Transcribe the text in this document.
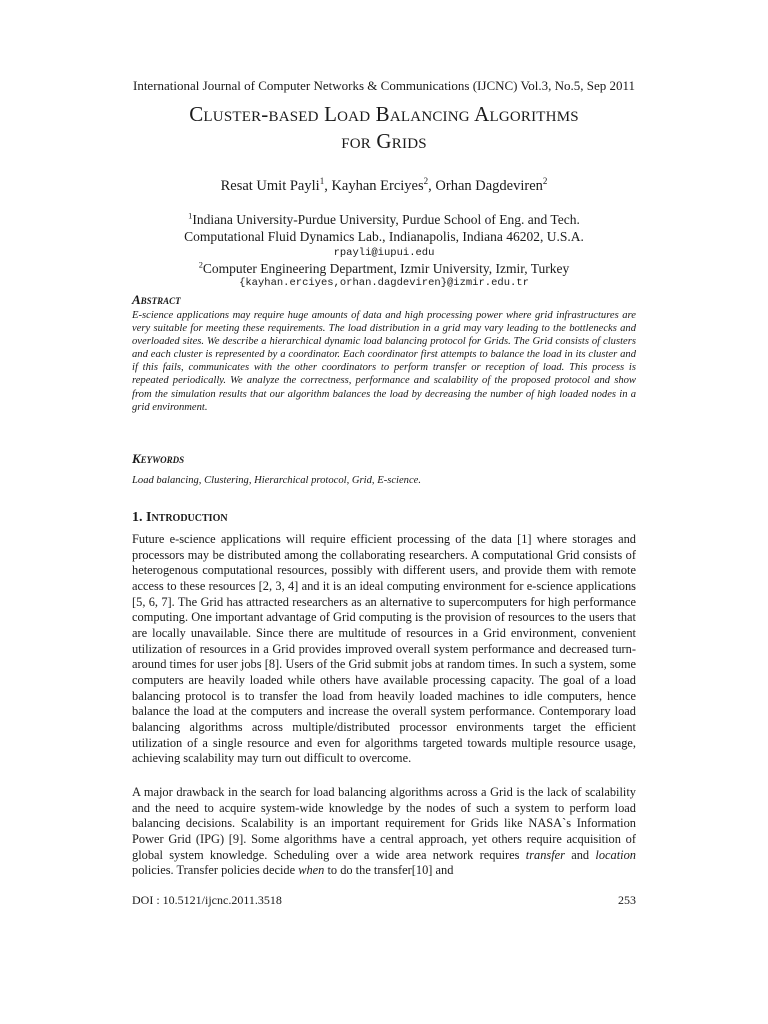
International Journal of Computer Networks & Communications (IJCNC) Vol.3, No.5, Sep 2011
Cluster-based Load Balancing Algorithms
for Grids
Resat Umit Payli$^1$, Kayhan Erciyes$^2$, Orhan Dagdeviren$^2$
$^1$Indiana University-Purdue University, Purdue School of Eng. and Tech.
Computational Fluid Dynamics Lab., Indianapolis, Indiana 46202, U.S.A.
rpayli@iupui.edu
$^2$Computer Engineering Department, Izmir University, Izmir, Turkey
{kayhan.erciyes,orhan.dagdeviren}@izmir.edu.tr
Abstract
E-science applications may require huge amounts of data and high processing power where grid infrastructures are very suitable for meeting these requirements. The load distribution in a grid may vary leading to the bottlenecks and overloaded sites. We describe a hierarchical dynamic load balancing protocol for Grids. The Grid consists of clusters and each cluster is represented by a coordinator. Each coordinator first attempts to balance the load in its cluster and if this fails, communicates with the other coordinators to perform transfer or reception of load. This process is repeated periodically. We analyze the correctness, performance and scalability of the proposed protocol and show from the simulation results that our algorithm balances the load by decreasing the number of high loaded nodes in a grid environment.
Keywords
Load balancing, Clustering, Hierarchical protocol, Grid, E-science.
1. Introduction
Future e-science applications will require efficient processing of the data [1] where storages and processors may be distributed among the collaborating researchers. A computational Grid consists of heterogenous computational resources, possibly with different users, and provide them with remote access to these resources [2, 3, 4] and it is an ideal computing environment for e-science applications [5, 6, 7]. The Grid has attracted researchers as an alternative to supercomputers for high performance computing. One important advantage of Grid computing is the provision of resources to the users that are locally unavailable. Since there are multitude of resources in a Grid environment, convenient utilization of resources in a Grid provides improved overall system performance and decreased turn-around times for user jobs [8]. Users of the Grid submit jobs at random times. In such a system, some computers are heavily loaded while others have available processing capacity. The goal of a load balancing protocol is to transfer the load from heavily loaded machines to idle computers, hence balance the load at the computers and increase the overall system performance. Contemporary load balancing algorithms across multiple/distributed processor environments target the efficient utilization of a single resource and even for algorithms targeted towards multiple resource usage, achieving scalability may turn out difficult to overcome.
A major drawback in the search for load balancing algorithms across a Grid is the lack of scalability and the need to acquire system-wide knowledge by the nodes of such a system to perform load balancing decisions. Scalability is an important requirement for Grids like NASA`s Information Power Grid (IPG) [9]. Some algorithms have a central approach, yet others require acquisition of global system knowledge. Scheduling over a wide area network requires transfer and location policies. Transfer policies decide when to do the transfer[10] and
DOI : 10.5121/ijcnc.2011.3518	253
